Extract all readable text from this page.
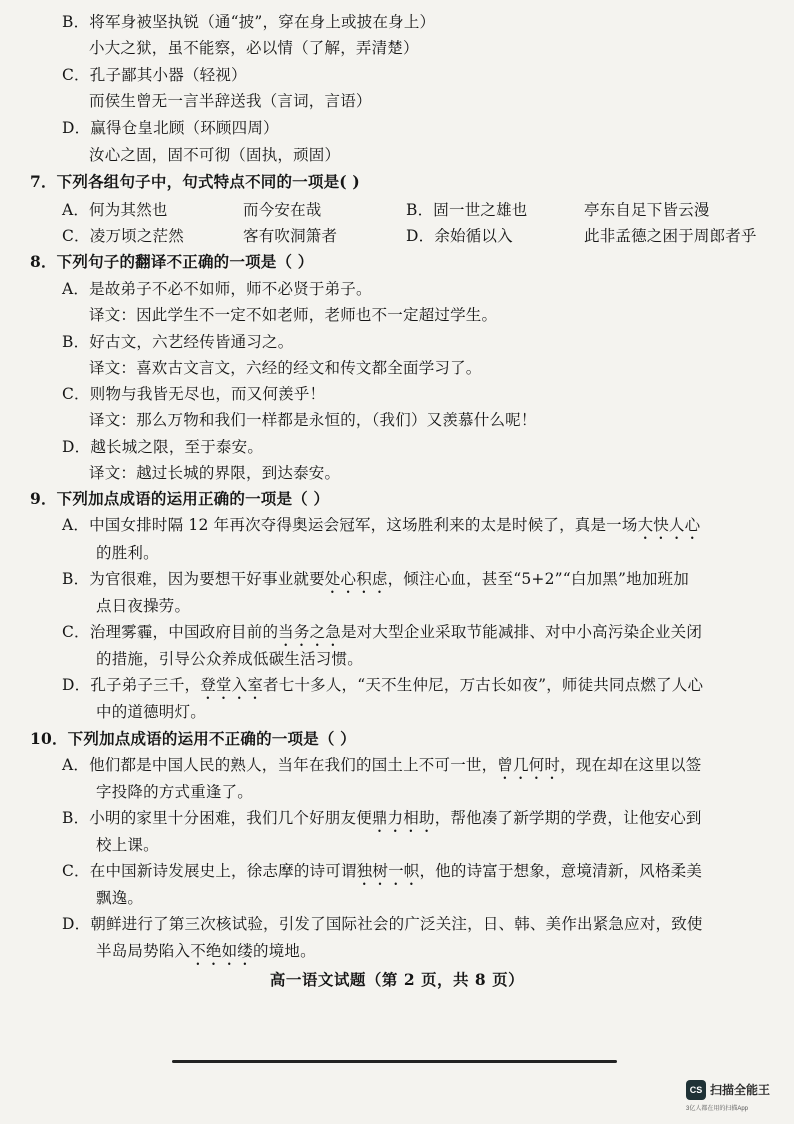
B．将军身被坚执锐（通“披”，穿在身上或披在身上）
小大之狱，虽不能察，必以情（了解，弄清楚）
C．孔子鄙其小器（轻视）
而侯生曾无一言半辞送我（言词，言语）
D．赢得仓皇北顾（环顾四周）
汝心之固，固不可彻（固执，顽固）
7．下列各组句子中，句式特点不同的一项是( )
A．何为其然也	而今安在哉	B．固一世之雄也	亭东自足下皆云漫
C．凌万顷之茫然	客有吹洞箫者	D．余始循以入	此非孟德之困于周郎者乎
8．下列句子的翻译不正确的一项是（ ）
A．是故弟子不必不如师，师不必贤于弟子。
译文：因此学生不一定不如老师，老师也不一定超过学生。
B．好古文，六艺经传皆通习之。
译文：喜欢古文言文，六经的经文和传文都全面学习了。
C．则物与我皆无尽也，而又何羡乎！
译文：那么万物和我们一样都是永恒的，（我们）又羡慕什么呢！
D．越长城之限，至于泰安。
译文：越过长城的界限，到达泰安。
9．下列加点成语的运用正确的一项是（ ）
A．中国女排时隔 12 年再次夺得奥运会冠军，这场胜利来的太是时候了，真是一场大快人心
的胜利。
B．为官很难，因为要想干好事业就要处心积虑，倾注心血，甚至“5+2”“白加黑”地加班加
点日夜操劳。
C．治理雾霾，中国政府目前的当务之急是对大型企业采取节能减排、对中小高污染企业关闭
的措施，引导公众养成低碳生活习惯。
D．孔子弟子三千，登堂入室者七十多人，“天不生仲尼，万古长如夜”，师徒共同点燃了人心
中的道德明灯。
10．下列加点成语的运用不正确的一项是（ ）
A．他们都是中国人民的熟人，当年在我们的国土上不可一世，曾几何时，现在却在这里以签
字投降的方式重逢了。
B．小明的家里十分困难，我们几个好朋友便鼎力相助，帮他凑了新学期的学费，让他安心到
校上课。
C．在中国新诗发展史上，徐志摩的诗可谓独树一帜，他的诗富于想象，意境清新，风格柔美
飘逸。
D．朝鲜进行了第三次核试验，引发了国际社会的广泛关注，日、韩、美作出紧急应对，致使
半岛局势陷入不绝如缕的境地。
高一语文试题（第 2 页，共 8 页）
CS 扫描全能王
3亿人都在用的扫描App
